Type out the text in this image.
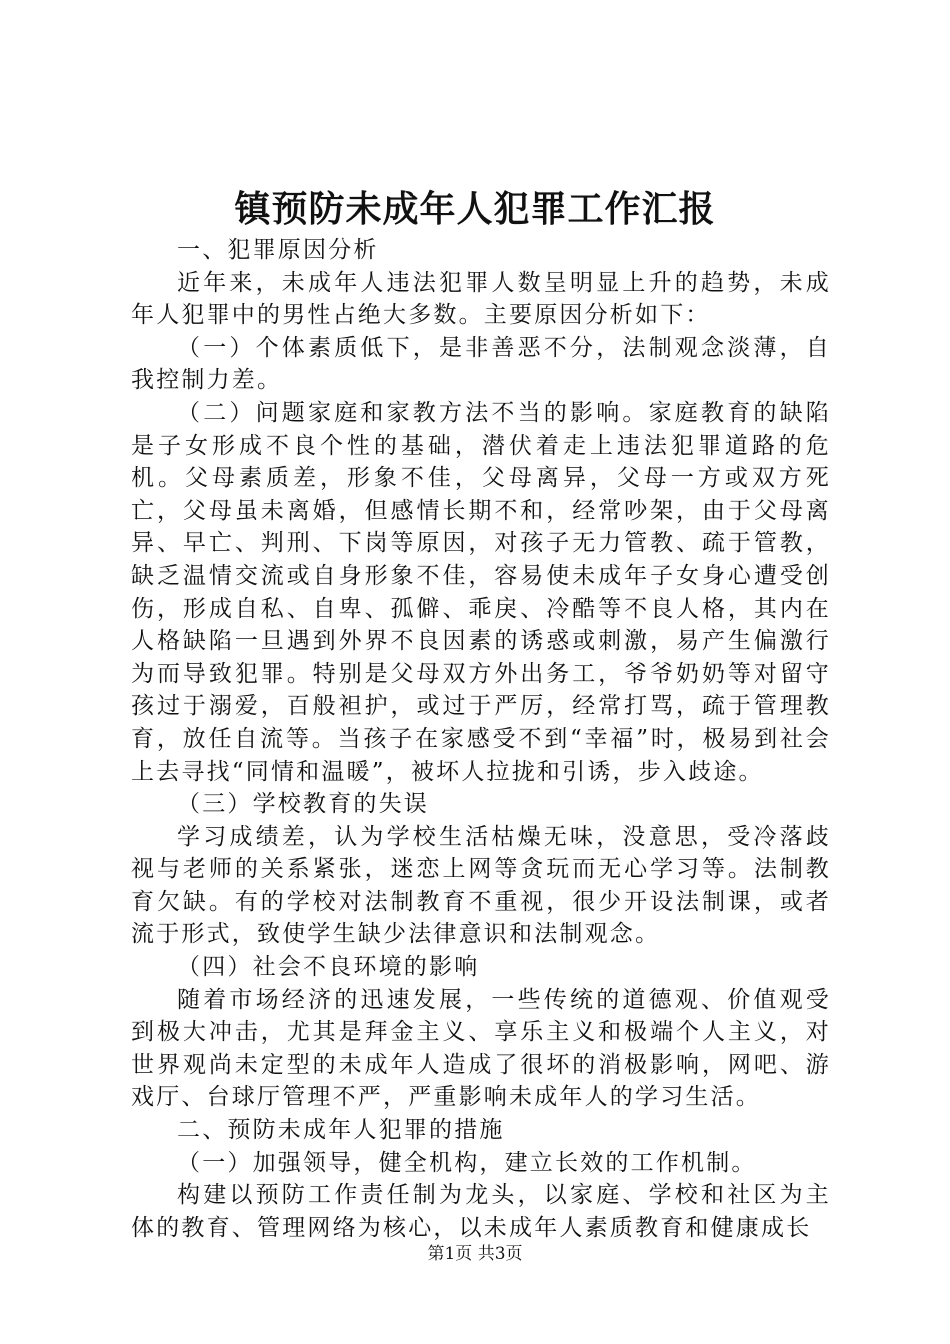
镇预防未成年人犯罪工作汇报

一、犯罪原因分析

近年来，未成年人违法犯罪人数呈明显上升的趋势，未成年人犯罪中的男性占绝大多数。主要原因分析如下：

（一）个体素质低下，是非善恶不分，法制观念淡薄，自我控制力差。

（二）问题家庭和家教方法不当的影响。家庭教育的缺陷是子女形成不良个性的基础，潜伏着走上违法犯罪道路的危机。父母素质差，形象不佳，父母离异，父母一方或双方死亡，父母虽未离婚，但感情长期不和，经常吵架，由于父母离异、早亡、判刑、下岗等原因，对孩子无力管教、疏于管教，缺乏温情交流或自身形象不佳，容易使未成年子女身心遭受创伤，形成自私、自卑、孤僻、乖戾、冷酷等不良人格，其内在人格缺陷一旦遇到外界不良因素的诱惑或刺激，易产生偏激行为而导致犯罪。特别是父母双方外出务工，爷爷奶奶等对留守孩过于溺爱，百般袒护，或过于严厉，经常打骂，疏于管理教育，放任自流等。当孩子在家感受不到“幸福”时，极易到社会上去寻找“同情和温暖”，被坏人拉拢和引诱，步入歧途。

（三）学校教育的失误

学习成绩差，认为学校生活枯燥无味，没意思，受冷落歧视与老师的关系紧张，迷恋上网等贪玩而无心学习等。法制教育欠缺。有的学校对法制教育不重视，很少开设法制课，或者流于形式，致使学生缺少法律意识和法制观念。

（四）社会不良环境的影响

随着市场经济的迅速发展，一些传统的道德观、价值观受到极大冲击，尤其是拜金主义、享乐主义和极端个人主义，对世界观尚未定型的未成年人造成了很坏的消极影响，网吧、游戏厅、台球厅管理不严，严重影响未成年人的学习生活。

二、预防未成年人犯罪的措施

（一）加强领导，健全机构，建立长效的工作机制。

构建以预防工作责任制为龙头，以家庭、学校和社区为主体的教育、管理网络为核心，以未成年人素质教育和健康成长

第1页 共3页
